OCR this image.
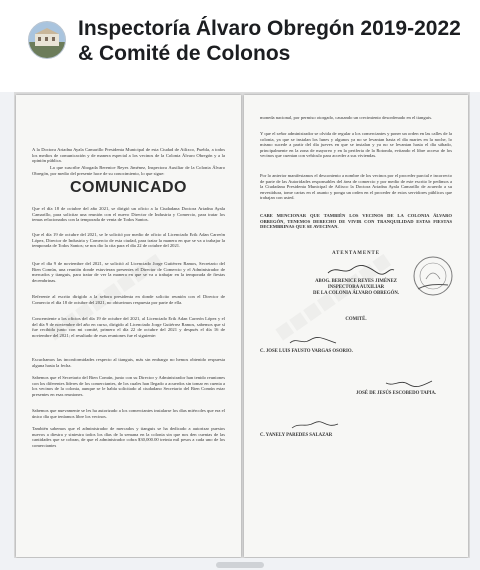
Inspectoría Álvaro Obregón 2019-2022 & Comité de Colonos
A la Doctora Ariadna Ayala Camarillo Presidenta Municipal de esta Ciudad de Atlixco, Puebla, a todos los medios de comunicación y de manera especial a los vecinos de la Colonia Álvaro Obregón y a la opinión pública.
La que suscribe Abogada Berenice Reyes Jiménez, Inspectora Auxiliar de la Colonia Álvaro Obregón, por medio del presente hace de su conocimiento, lo que sigue:
COMUNICADO
Que el día 18 de octubre del año 2021, se dirigió un oficio a la Ciudadana Doctora Ariadna Ayala Camarillo, para solicitar una reunión con el nuevo Director de Industria y Comercio, para tratar los temas relacionados con la temporada de venta de Todos Santos.
Que el día 19 de octubre del 2021, se le solicitó por medio de oficio al Licenciado Erik Adan Carreón López, Director de Industria y Comercio de esta ciudad, para tratar la manera en que se va a trabajar la temporada de Todos Santos; se nos dio la cita para el día 22 de octubre del 2021.
Que el día 9 de noviembre del 2021, se solicitó al Licenciado Jorge Gutiérrez Ramos, Secretario del Bien Común, una reunión donde estuvieran presentes el Director de Comercio y el Administrador de mercados y tianguis, para tratar de ver la manera en que se va a trabajar en la temporada de fiestas decembrinas.
Referente al escrito dirigido a la señora presidenta en donde solicito reunión con el Director de Comercio el día 18 de octubre del 2021, no obtuvimos respuesta por parte de ella.
Concerniente a los oficios del día 19 de octubre del 2021, al Licenciado Erik Adan Carreón López y el del día 9 de noviembre del año en curso, dirigido al Licenciado Jorge Gutiérrez Ramos, sabemos que sí fue recibida junto con mi comité, primero el día 22 de octubre del 2021 y después el día 16 de noviembre del 2021; el resultado de esas reuniones fue el siguiente:
Escuchamos las inconformidades respecto al tianguis, más sin embargo no hemos obtenido respuesta alguna hasta la fecha.
Sabemos que el Secretario del Bien Común, junto con su Director y Administrador han tenido reuniones con los diferentes líderes de los comerciantes, de los cuales han llegado a acuerdos sin tomar en cuenta a los vecinos de la colonia, aunque se le había solicitado al ciudadano Secretario del Bien Común estar presentes en esas reuniones.
Sabemos que nuevamente se les ha autorizado a los comerciantes instalarse los días miércoles que era el único día que teníamos libre los vecinos.
También sabemos que el administrador de mercados y tianguis se ha dedicado a autorizar puestos nuevos a diestra y siniestra todos los días de la semana en la colonia sin que nos den cuentas de las cantidades que se cobran, de que el administrador cobra $30,000.00 treinta mil pesos a cada uno de los comerciantes
moneda nacional, por permiso otorgado, causando un crecimiento desordenado en el tianguis.
Y que el señor administrador se olvida de regular a los comerciantes y poner un orden en las calles de la colonia, ya que se instalan los lunes y algunos ya no se levantan hasta el día martes en la noche, lo mismo sucede a partir del día jueves en que se instalan y ya no se levantan hasta el día sábado, principalmente en la zona de mayoreo y en la periferia de la Rotonda, evitando el libre acceso de los vecinos que cuentan con vehículo para acceder a sus viviendas.
Por lo anterior manifestamos el descontento a nombre de los vecinos por el proceder parcial e incorrecto de parte de las Autoridades responsables del área de comercio y por medio de este escrito le pedimos a la Ciudadana Presidenta Municipal de Atlixco la Doctora Ariadna Ayala Camarillo de acuerdo a su envestidura, tome cartas en el asunto y ponga un orden en el proceder de estos servidores públicos que trabajan con usted.
CABE MENCIONAR QUE TAMBIÉN LOS VECINOS DE LA COLONIA ÁLVARO OBREGÓN, TENEMOS DERECHO DE VIVIR CON TRANQUILIDAD ESTAS FIESTAS DECEMBRINAS QUE SE AVECINAN.
ATENTAMENTE
ABOG. BERENICE REYES JIMÉNEZ
INSPECTORA AUXILIAR
DE LA COLONIA ÁLVARO OBREGÓN.
COMITÉ.
C. JOSE LUIS FAUSTO VARGAS OSORIO.
JOSÉ DE JESÚS ESCOBEDO TAPIA.
C. YANELY PAREDES SALAZAR
